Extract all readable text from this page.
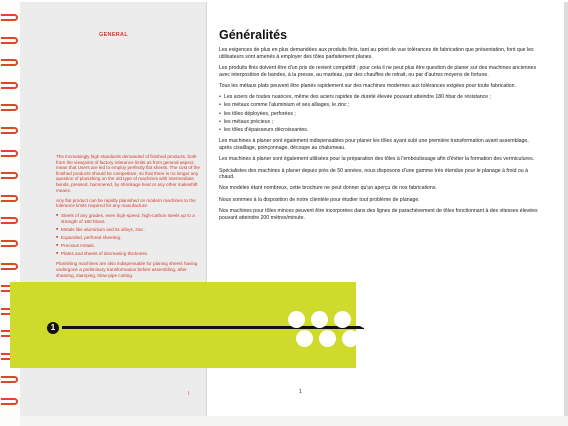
GENERAL

The increasingly high standards demanded of finished products, both from the viewpoint of factory tolerance limits as from general aspect, mean that Users are led to employ perfectly flat sheets. The cost of the finished products should be competitive, so that there is no longer any question of planishing on the old type of machines with intermediate bends, pressed, hammered, by shrinkage heat or any other makeshift means.

Any flat product can be rapidly planished on modern machines to the tolerance limits required for any manufacture.

■ Steels of any grades, even high-speed, high-carbon steels up to a strength of 180 hbars.
■ Metals like aluminium and its alloys, zinc.
■ Expanded, perfored sheeting.
■ Precious metals.
■ Plates and sheets of decreasing thickness.

Planishing machines are also indispensable for planing sheets having undergone a preliminary transformation before assembling, after shearing, stamping, blow-pipe cutting.

I
Généralités

Les exigences de plus en plus demandées aux produits finis, tant au point de vue tolérances de fabrication que présentation, font que les utilisateurs sont amenés à employer des tôles parfaitement planes.

Les produits finis doivent être d'un prix de revient compétitif ; pour cela il ne peut plus être question de planer sur des machines anciennes avec interposition de bandes, à la presse, au marteau, par des chauffes de retrait, ou par d'autres moyens de fortune.

Tous les métaux plats peuvent être planés rapidement sur des machines modernes aux tolérances exigées pour toute fabrication.

• Les aciers de toutes nuances, même des aciers rapides de dureté élevée pouvant atteindre 180 hbar de résistance ;
• les métaux comme l'aluminium et ses alliages, le zinc ;
• les tôles déployées, perforées ;
• les métaux précieux ;
• les tôles d'épaisseurs décroissantes.

Les machines à planer sont également indispensables pour planer les tôles ayant subi une première transformation avant assemblage, après cisaillage, poinçonnage, découpe au chalumeau.

Les machines à planer sont également utilisées pour la préparation des tôles à l'emboutissage afin d'éviter la formation des vermiculures.

Spécialistes des machines à planer depuis près de 50 années, nous disposons d'une gamme très étendue pour le planage à froid ou à chaud.

Nos modèles étant nombreux, cette brochure ne peut donner qu'un aperçu de nos fabrications.

Nous sommes à la disposition de notre clientèle pour étudier tout problème de planage.

Nos machines pour tôles minces peuvent être incorporées dans des lignes de parachèvement de tôles fonctionnant à des vitesses élevées pouvant atteindre 200 mètres/minute.

1
1
